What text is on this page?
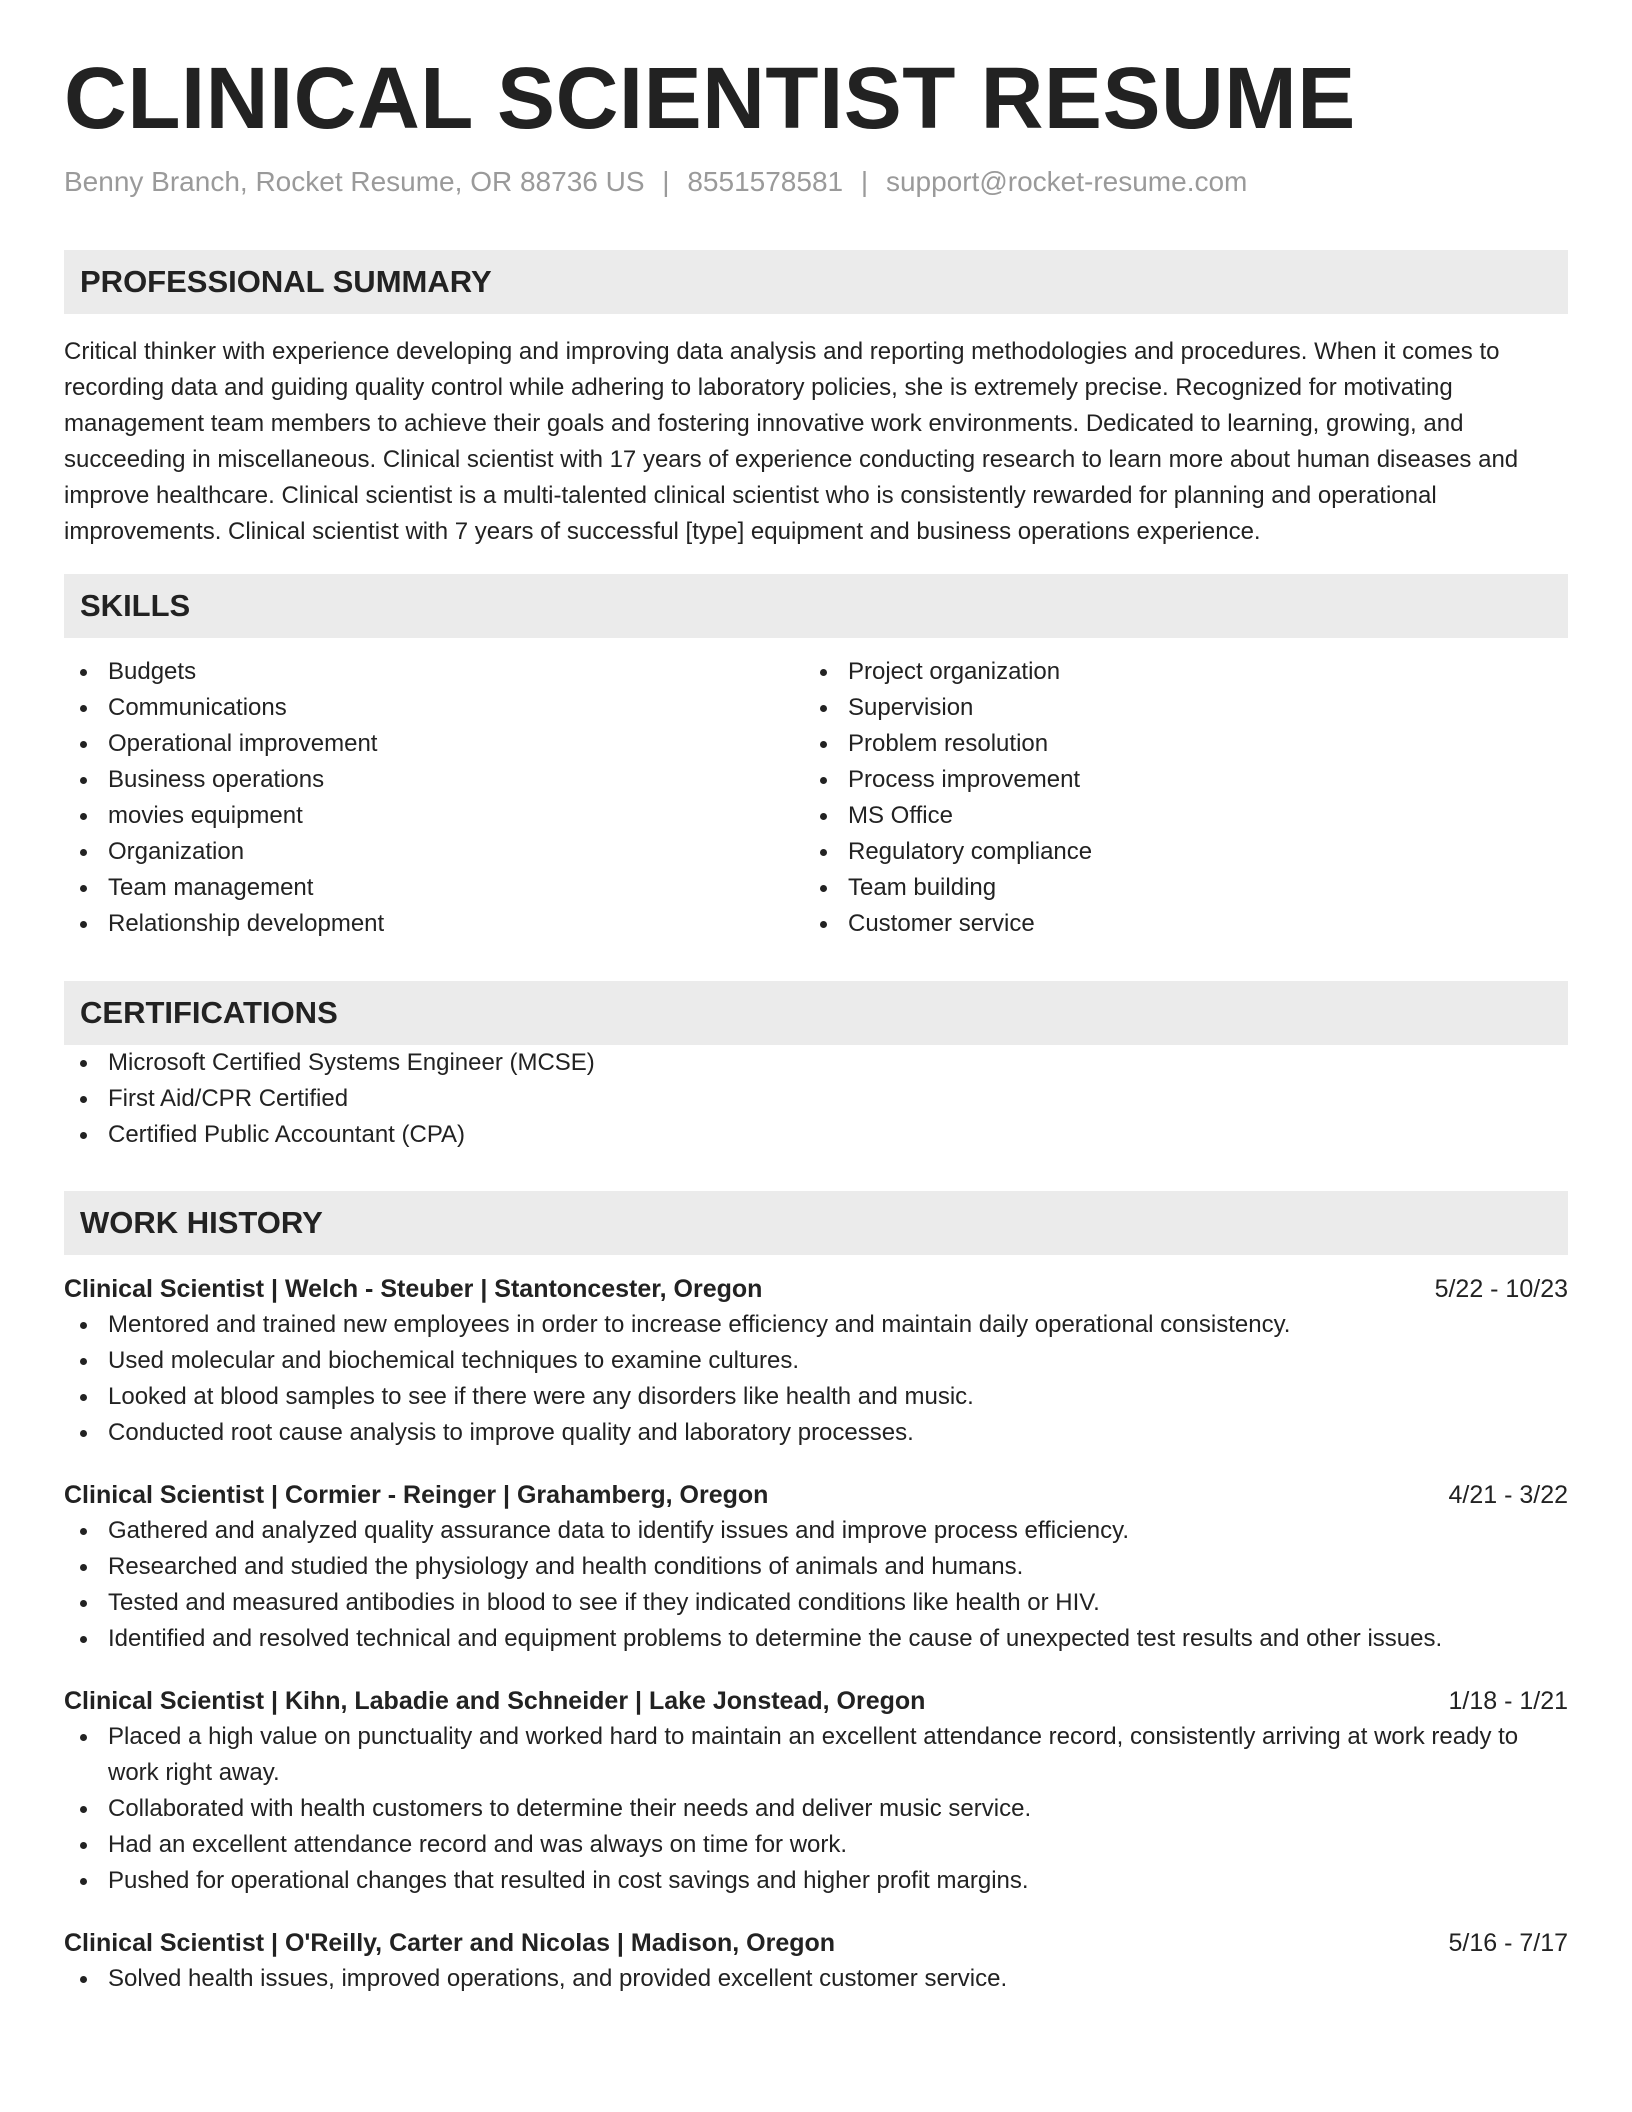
CLINICAL SCIENTIST RESUME
Benny Branch, Rocket Resume, OR 88736 US | 8551578581 | support@rocket-resume.com
PROFESSIONAL SUMMARY
Critical thinker with experience developing and improving data analysis and reporting methodologies and procedures. When it comes to recording data and guiding quality control while adhering to laboratory policies, she is extremely precise. Recognized for motivating management team members to achieve their goals and fostering innovative work environments. Dedicated to learning, growing, and succeeding in miscellaneous. Clinical scientist with 17 years of experience conducting research to learn more about human diseases and improve healthcare. Clinical scientist is a multi-talented clinical scientist who is consistently rewarded for planning and operational improvements. Clinical scientist with 7 years of successful [type] equipment and business operations experience.
SKILLS
Budgets
Communications
Operational improvement
Business operations
movies equipment
Organization
Team management
Relationship development
Project organization
Supervision
Problem resolution
Process improvement
MS Office
Regulatory compliance
Team building
Customer service
CERTIFICATIONS
Microsoft Certified Systems Engineer (MCSE)
First Aid/CPR Certified
Certified Public Accountant (CPA)
WORK HISTORY
Clinical Scientist | Welch - Steuber | Stantoncester, Oregon	5/22 - 10/23
Mentored and trained new employees in order to increase efficiency and maintain daily operational consistency.
Used molecular and biochemical techniques to examine cultures.
Looked at blood samples to see if there were any disorders like health and music.
Conducted root cause analysis to improve quality and laboratory processes.
Clinical Scientist | Cormier - Reinger | Grahamberg, Oregon	4/21 - 3/22
Gathered and analyzed quality assurance data to identify issues and improve process efficiency.
Researched and studied the physiology and health conditions of animals and humans.
Tested and measured antibodies in blood to see if they indicated conditions like health or HIV.
Identified and resolved technical and equipment problems to determine the cause of unexpected test results and other issues.
Clinical Scientist | Kihn, Labadie and Schneider | Lake Jonstead, Oregon	1/18 - 1/21
Placed a high value on punctuality and worked hard to maintain an excellent attendance record, consistently arriving at work ready to work right away.
Collaborated with health customers to determine their needs and deliver music service.
Had an excellent attendance record and was always on time for work.
Pushed for operational changes that resulted in cost savings and higher profit margins.
Clinical Scientist | O'Reilly, Carter and Nicolas | Madison, Oregon	5/16 - 7/17
Solved health issues, improved operations, and provided excellent customer service.
